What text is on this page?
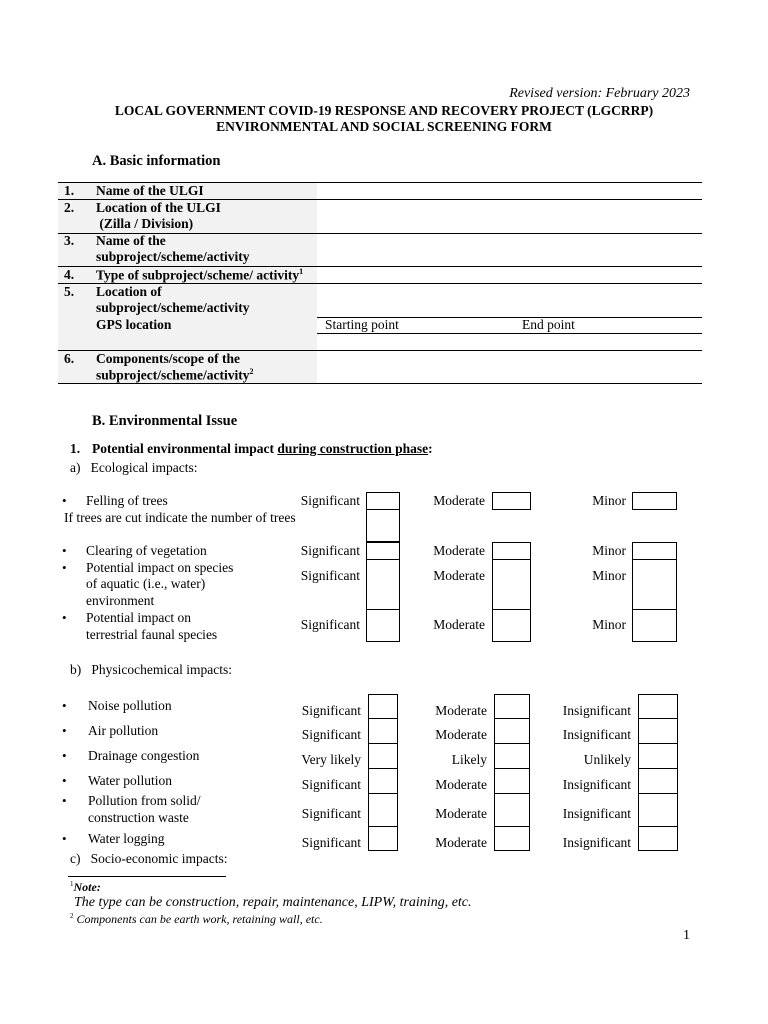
Revised version: February 2023
LOCAL GOVERNMENT COVID-19 RESPONSE AND RECOVERY PROJECT (LGCRRP)
ENVIRONMENTAL AND SOCIAL SCREENING FORM
A. Basic information
1. Name of the ULGI
2. Location of the ULGI
(Zilla / Division)
3. Name of the
subproject/scheme/activity
4. Type of subproject/scheme/ activity$^1$
5. Location of
subproject/scheme/activity
GPS location	Starting point	End point
6. Components/scope of the
subproject/scheme/activity$^2$
B. Environmental Issue
1. Potential environmental impact during construction phase:
a)   Ecological impacts:
• Felling of trees
If trees are cut indicate the number of trees
Significant	Moderate	Minor
• Clearing of vegetation	Significant	Moderate	Minor
• Potential impact on species
of aquatic (i.e., water)
environment
Significant	Moderate	Minor
• Potential impact on
terrestrial faunal species
Significant	Moderate	Minor
b)   Physicochemical impacts:
• Noise pollution	Significant	Moderate	Insignificant
• Air pollution	Significant	Moderate	Insignificant
• Drainage congestion	Very likely	Likely	Unlikely
• Water pollution	Significant	Moderate	Insignificant
• Pollution from solid/
construction waste	Significant	Moderate	Insignificant
• Water logging	Significant	Moderate	Insignificant
c)   Socio-economic impacts:
$^1$Note:
The type can be construction, repair, maintenance, LIPW, training, etc.
$^2$ Components can be earth work, retaining wall, etc.
1
